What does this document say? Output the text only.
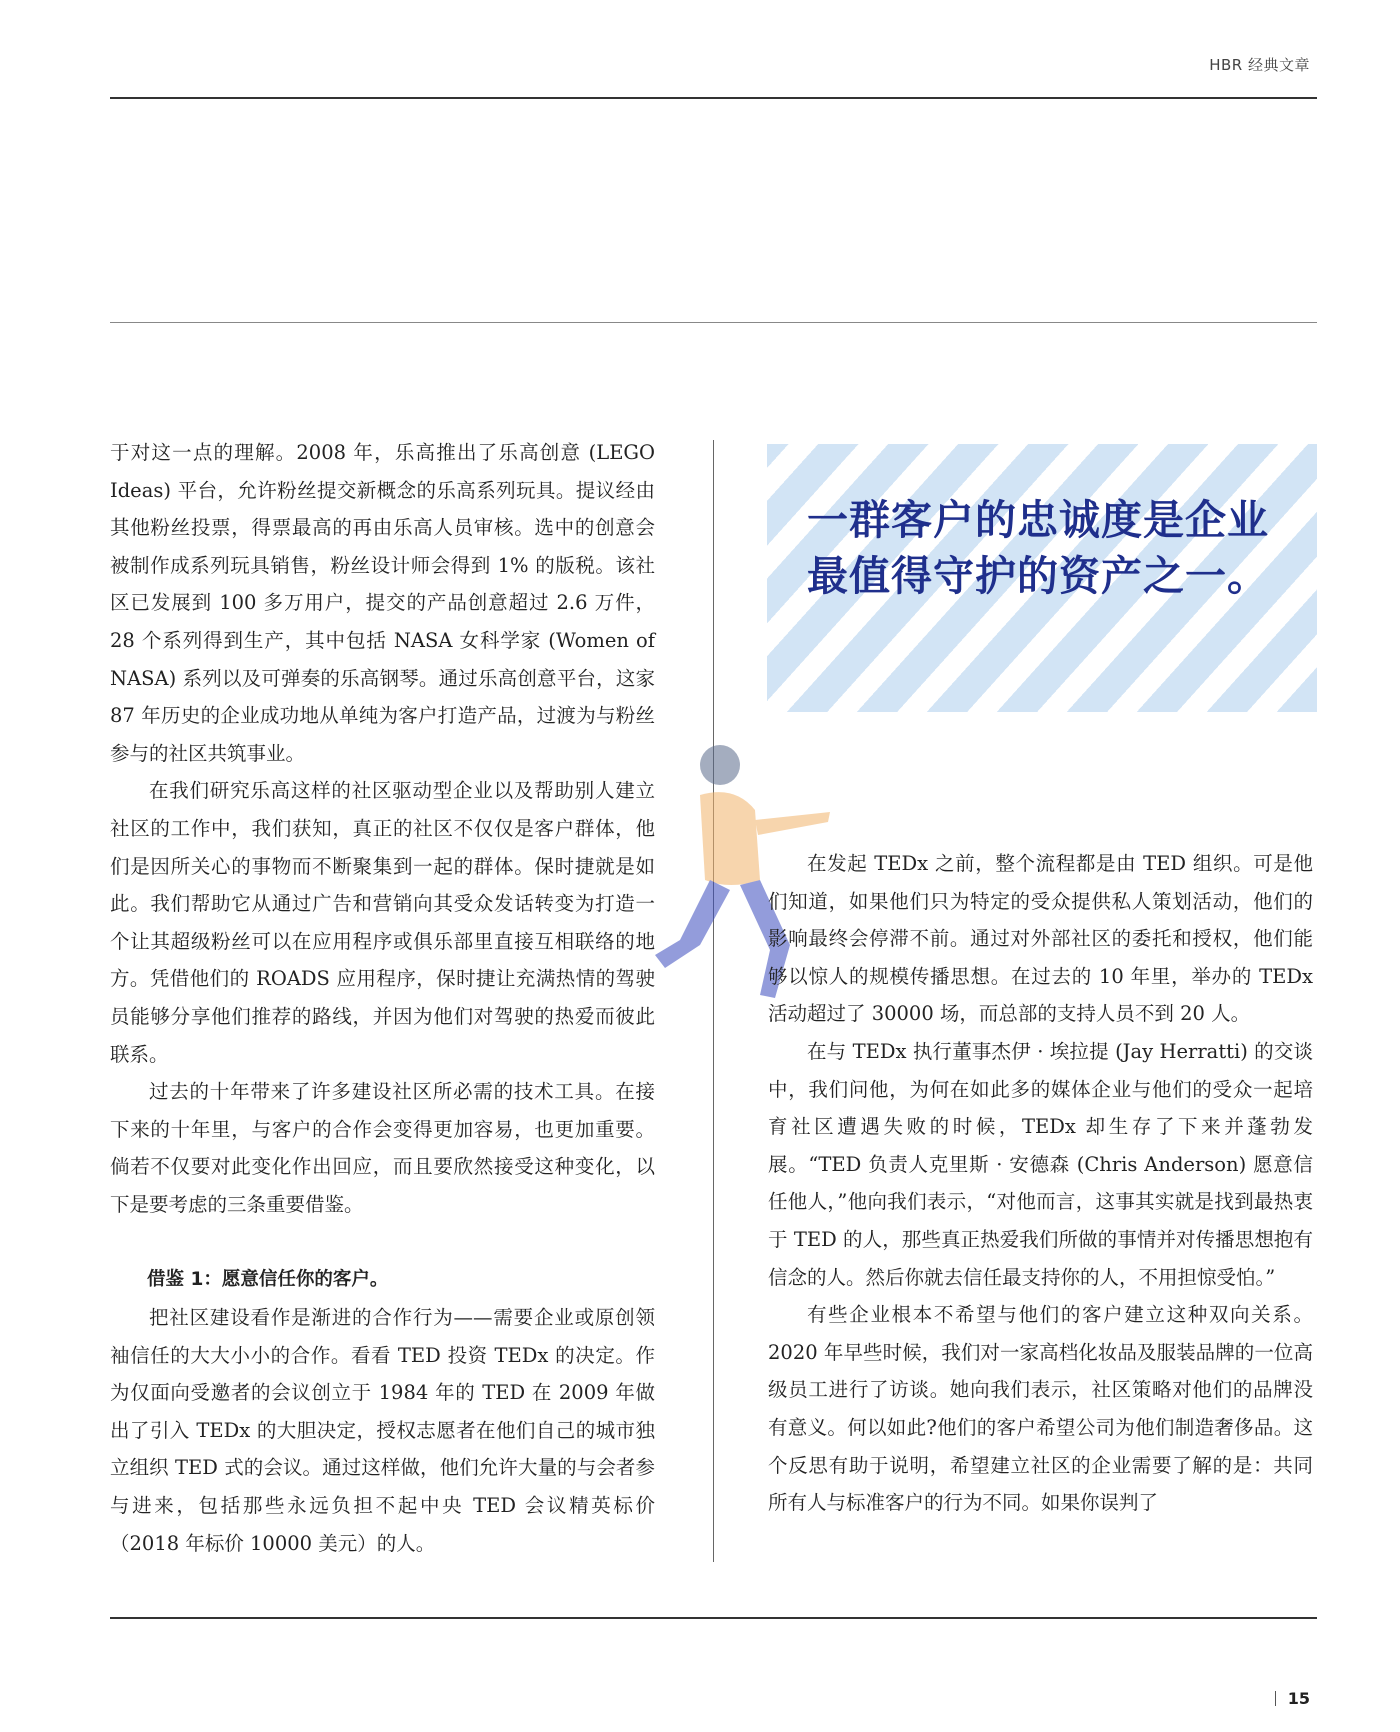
HBR 经典文章

于对这一点的理解。2008 年，乐高推出了乐高创意 (LEGO Ideas) 平台，允许粉丝提交新概念的乐高系列玩具。提议经由其他粉丝投票，得票最高的再由乐高人员审核。选中的创意会被制作成系列玩具销售，粉丝设计师会得到 1% 的版税。该社区已发展到 100 多万用户，提交的产品创意超过 2.6 万件，28 个系列得到生产，其中包括 NASA 女科学家 (Women of NASA) 系列以及可弹奏的乐高钢琴。通过乐高创意平台，这家 87 年历史的企业成功地从单纯为客户打造产品，过渡为与粉丝参与的社区共筑事业。

在我们研究乐高这样的社区驱动型企业以及帮助别人建立社区的工作中，我们获知，真正的社区不仅仅是客户群体，他们是因所关心的事物而不断聚集到一起的群体。保时捷就是如此。我们帮助它从通过广告和营销向其受众发话转变为打造一个让其超级粉丝可以在应用程序或俱乐部里直接互相联络的地方。凭借他们的 ROADS 应用程序，保时捷让充满热情的驾驶员能够分享他们推荐的路线，并因为他们对驾驶的热爱而彼此联系。

过去的十年带来了许多建设社区所必需的技术工具。在接下来的十年里，与客户的合作会变得更加容易，也更加重要。倘若不仅要对此变化作出回应，而且要欣然接受这种变化，以下是要考虑的三条重要借鉴。

借鉴 1：愿意信任你的客户。

把社区建设看作是渐进的合作行为——需要企业或原创领袖信任的大大小小的合作。看看 TED 投资 TEDx 的决定。作为仅面向受邀者的会议创立于 1984 年的 TED 在 2009 年做出了引入 TEDx 的大胆决定，授权志愿者在他们自己的城市独立组织 TED 式的会议。通过这样做，他们允许大量的与会者参与进来，包括那些永远负担不起中央 TED 会议精英标价（2018 年标价 10000 美元）的人。

一群客户的忠诚度是企业最值得守护的资产之一。

在发起 TEDx 之前，整个流程都是由 TED 组织。可是他们知道，如果他们只为特定的受众提供私人策划活动，他们的影响最终会停滞不前。通过对外部社区的委托和授权，他们能够以惊人的规模传播思想。在过去的 10 年里，举办的 TEDx 活动超过了 30000 场，而总部的支持人员不到 20 人。

在与 TEDx 执行董事杰伊 · 埃拉提 (Jay Herratti) 的交谈中，我们问他，为何在如此多的媒体企业与他们的受众一起培育社区遭遇失败的时候，TEDx 却生存了下来并蓬勃发展。“TED 负责人克里斯 · 安德森 (Chris Anderson) 愿意信任他人，”他向我们表示，“对他而言，这事其实就是找到最热衷于 TED 的人，那些真正热爱我们所做的事情并对传播思想抱有信念的人。然后你就去信任最支持你的人，不用担惊受怕。”

有些企业根本不希望与他们的客户建立这种双向关系。2020 年早些时候，我们对一家高档化妆品及服装品牌的一位高级员工进行了访谈。她向我们表示，社区策略对他们的品牌没有意义。何以如此?他们的客户希望公司为他们制造奢侈品。这个反思有助于说明，希望建立社区的企业需要了解的是：共同所有人与标准客户的行为不同。如果你误判了

15
